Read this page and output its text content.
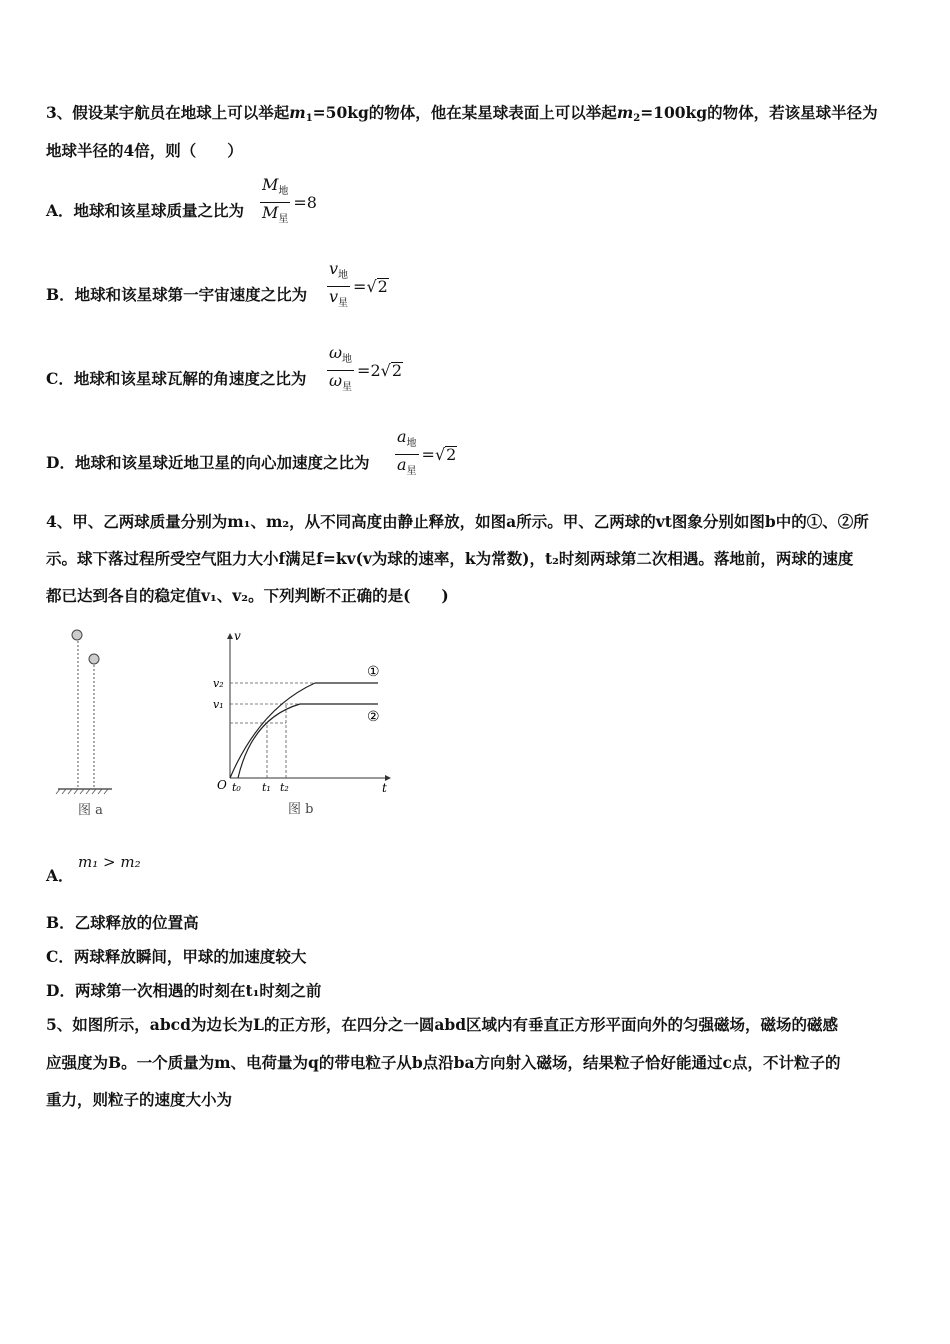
3、假设某宇航员在地球上可以举起$m_1=50kg$的物体，他在某星球表面上可以举起$m_2=100kg$的物体，若该星球半径为
地球半径的4倍，则（　　）
A．地球和该星球质量之比为 $\frac{M_地}{M_星} =8$
B．地球和该星球第一宇宙速度之比为 $\frac{v_地}{v_星} =√2$
C．地球和该星球瓦解的角速度之比为 $\frac{\omega_地}{\omega_星} =2√2$
D．地球和该星球近地卫星的向心加速度之比为 $\frac{a_地}{a_星} =√2$
4、甲、乙两球质量分别为m₁、m₂，从不同高度由静止释放，如图a所示。甲、乙两球的vt图象分别如图b中的①、②所
示。球下落过程所受空气阻力大小f满足f=kv(v为球的速率，k为常数)，t₂时刻两球第二次相遇。落地前，两球的速度
都已达到各自的稳定值v₁、v₂。下列判断不正确的是(　　)
图 a
v
t
O
v₂
v₁
①
②
t₀ t₁ t₂
图 b
A．
m₁ > m₂
B．乙球释放的位置高
C．两球释放瞬间，甲球的加速度较大
D．两球第一次相遇的时刻在t₁时刻之前
5、如图所示，abcd为边长为L的正方形，在四分之一圆abd区域内有垂直正方形平面向外的匀强磁场，磁场的磁感
应强度为B。一个质量为m、电荷量为q的带电粒子从b点沿ba方向射入磁场，结果粒子恰好能通过c点，不计粒子的
重力，则粒子的速度大小为
